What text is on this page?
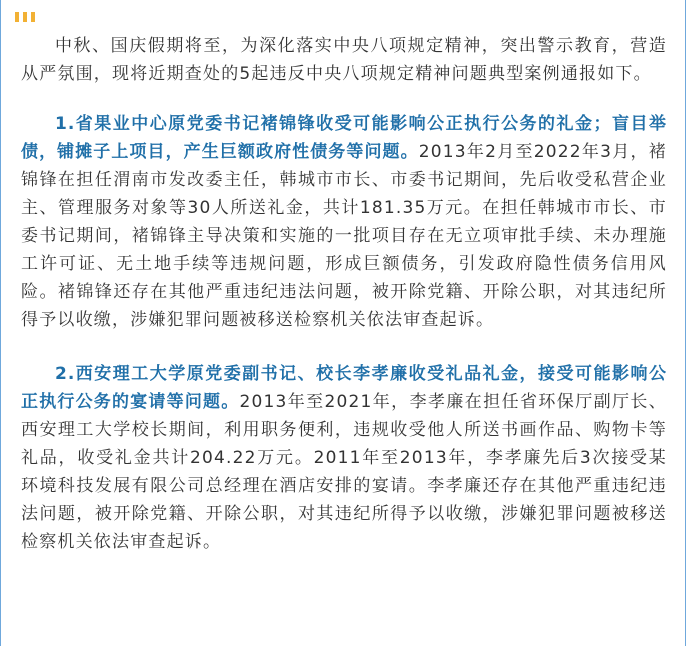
中秋、国庆假期将至，为深化落实中央八项规定精神，突出警示教育，营造从严氛围，现将近期查处的5起违反中央八项规定精神问题典型案例通报如下。

1.省果业中心原党委书记褚锦锋收受可能影响公正执行公务的礼金；盲目举债，铺摊子上项目，产生巨额政府性债务等问题。2013年2月至2022年3月，褚锦锋在担任渭南市发改委主任，韩城市市长、市委书记期间，先后收受私营企业主、管理服务对象等30人所送礼金，共计181.35万元。在担任韩城市市长、市委书记期间，褚锦锋主导决策和实施的一批项目存在无立项审批手续、未办理施工许可证、无土地手续等违规问题，形成巨额债务，引发政府隐性债务信用风险。褚锦锋还存在其他严重违纪违法问题，被开除党籍、开除公职，对其违纪所得予以收缴，涉嫌犯罪问题被移送检察机关依法审查起诉。

2.西安理工大学原党委副书记、校长李孝廉收受礼品礼金，接受可能影响公正执行公务的宴请等问题。2013年至2021年，李孝廉在担任省环保厅副厅长、西安理工大学校长期间，利用职务便利，违规收受他人所送书画作品、购物卡等礼品，收受礼金共计204.22万元。2011年至2013年，李孝廉先后3次接受某环境科技发展有限公司总经理在酒店安排的宴请。李孝廉还存在其他严重违纪违法问题，被开除党籍、开除公职，对其违纪所得予以收缴，涉嫌犯罪问题被移送检察机关依法审查起诉。
